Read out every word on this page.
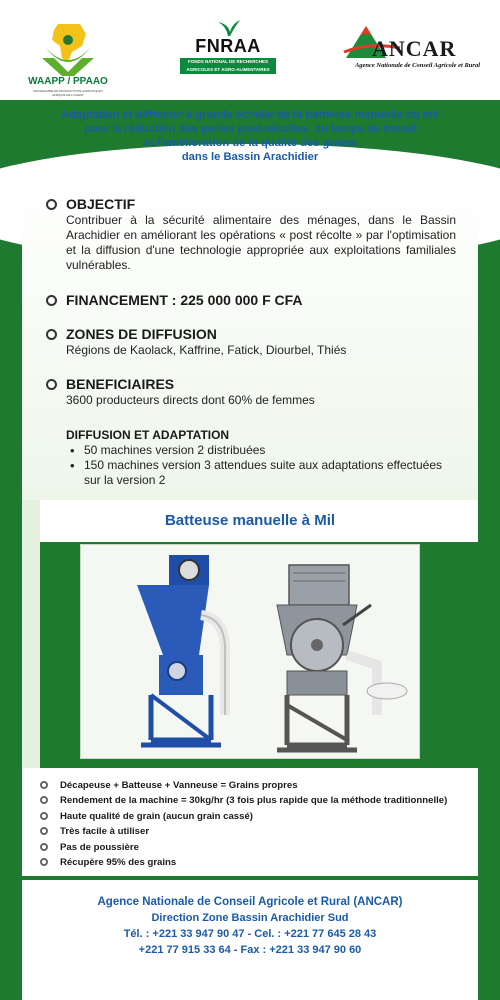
WAAPP / PPAAO
PROGRAMME DE PRODUCTIVITÉ AGRICOLE EN AFRIQUE DE L'OUEST
FNRAA
FONDS NATIONAL DE RECHERCHES
AGRICOLES ET AGRO-ALIMENTAIRES
ANCAR
Agence Nationale de Conseil Agricole et Rural
Adaptation et diffusion à grande échelle de la batteuse manuelle du mil
pour la réduction des pertes post-récoltes, du temps de travail
et l'amélioration de la qualité des grains
dans le Bassin Arachidier
OBJECTIF
Contribuer à la sécurité alimentaire des ménages, dans le Bassin Arachidier en améliorant les opérations « post récolte » par l'optimisation et la diffusion d'une technologie appropriée aux exploitations familiales vulnérables.
FINANCEMENT : 225 000 000 F CFA
ZONES DE DIFFUSION
Régions de Kaolack, Kaffrine, Fatick, Diourbel, Thiés
BENEFICIAIRES
3600 producteurs directs dont 60% de femmes
DIFFUSION ET ADAPTATION
• 50 machines version 2 distribuées
• 150 machines version 3 attendues suite aux adaptations effectuées sur la version 2
Batteuse manuelle à Mil
Décapeuse + Batteuse + Vanneuse = Grains propres
Rendement de la machine = 30kg/hr (3 fois plus rapide que la méthode traditionnelle)
Haute qualité de grain (aucun grain cassé)
Très facile à utiliser
Pas de poussière
Récupère 95% des grains
Agence Nationale de Conseil Agricole et Rural (ANCAR)
Direction Zone Bassin Arachidier Sud
Tél. : +221 33 947 90 47 - Cel. : +221 77 645 28 43
+221 77 915 33 64 - Fax : +221 33 947 90 60
